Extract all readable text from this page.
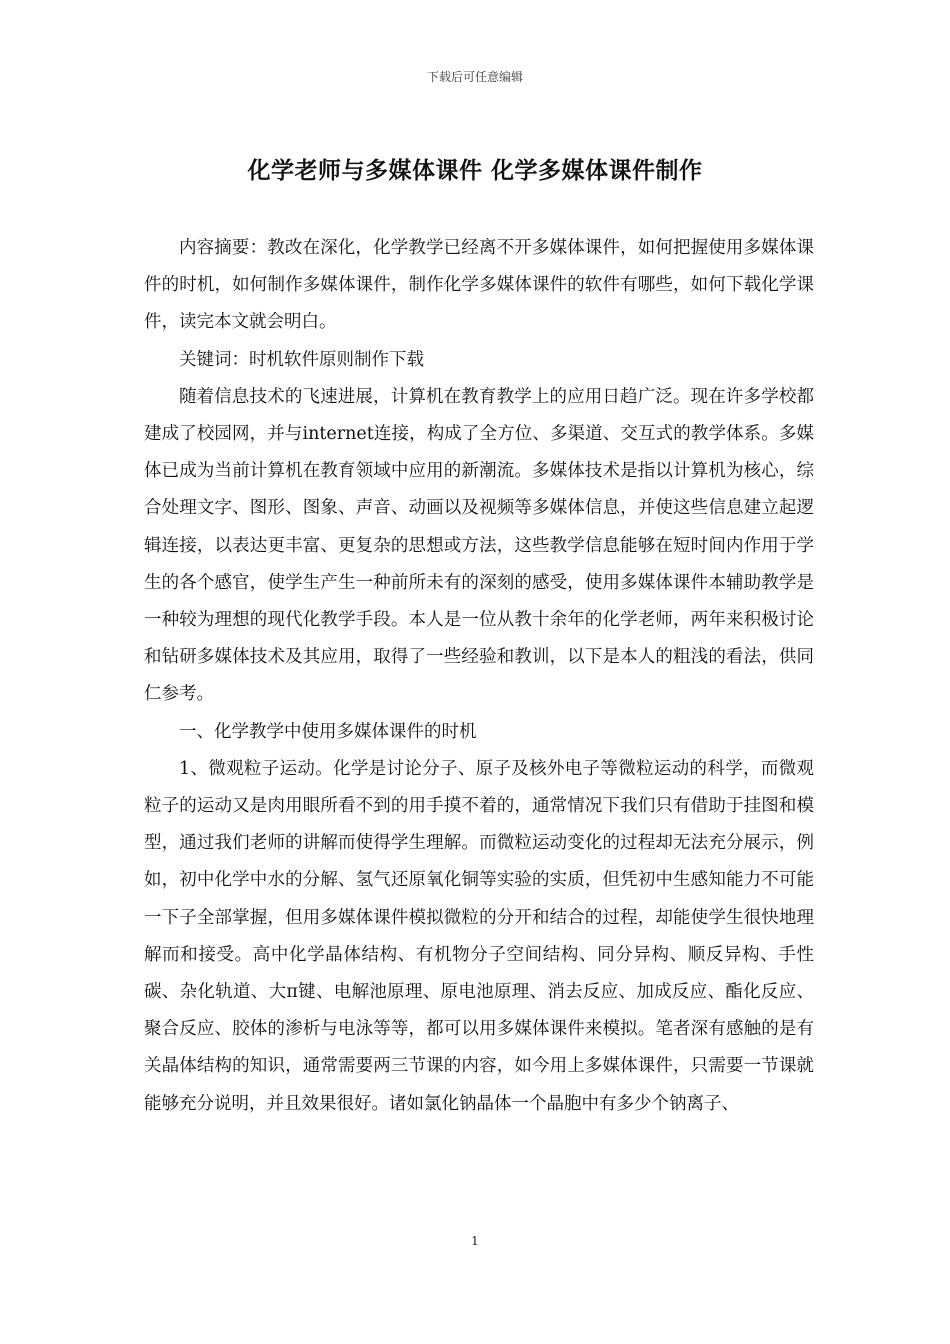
下载后可任意编辑
化学老师与多媒体课件 化学多媒体课件制作

内容摘要：教改在深化，化学教学已经离不开多媒体课件，如何把握使用多媒体课件的时机，如何制作多媒体课件，制作化学多媒体课件的软件有哪些，如何下载化学课件，读完本文就会明白。

关键词：时机软件原则制作下载

随着信息技术的飞速进展，计算机在教育教学上的应用日趋广泛。现在许多学校都建成了校园网，并与internet连接，构成了全方位、多渠道、交互式的教学体系。多媒体已成为当前计算机在教育领域中应用的新潮流。多媒体技术是指以计算机为核心，综合处理文字、图形、图象、声音、动画以及视频等多媒体信息，并使这些信息建立起逻辑连接，以表达更丰富、更复杂的思想或方法，这些教学信息能够在短时间内作用于学生的各个感官，使学生产生一种前所未有的深刻的感受，使用多媒体课件本辅助教学是一种较为理想的现代化教学手段。本人是一位从教十余年的化学老师，两年来积极讨论和钻研多媒体技术及其应用，取得了一些经验和教训，以下是本人的粗浅的看法，供同仁参考。

一、化学教学中使用多媒体课件的时机

1、微观粒子运动。化学是讨论分子、原子及核外电子等微粒运动的科学，而微观粒子的运动又是肉用眼所看不到的用手摸不着的，通常情况下我们只有借助于挂图和模型，通过我们老师的讲解而使得学生理解。而微粒运动变化的过程却无法充分展示，例如，初中化学中水的分解、氢气还原氧化铜等实验的实质，但凭初中生感知能力不可能一下子全部掌握，但用多媒体课件模拟微粒的分开和结合的过程，却能使学生很快地理解而和接受。高中化学晶体结构、有机物分子空间结构、同分异构、顺反异构、手性碳、杂化轨道、大π键、电解池原理、原电池原理、消去反应、加成反应、酯化反应、聚合反应、胶体的渗析与电泳等等，都可以用多媒体课件来模拟。笔者深有感触的是有关晶体结构的知识，通常需要两三节课的内容，如今用上多媒体课件，只需要一节课就能够充分说明，并且效果很好。诸如氯化钠晶体一个晶胞中有多少个钠离子、

1
